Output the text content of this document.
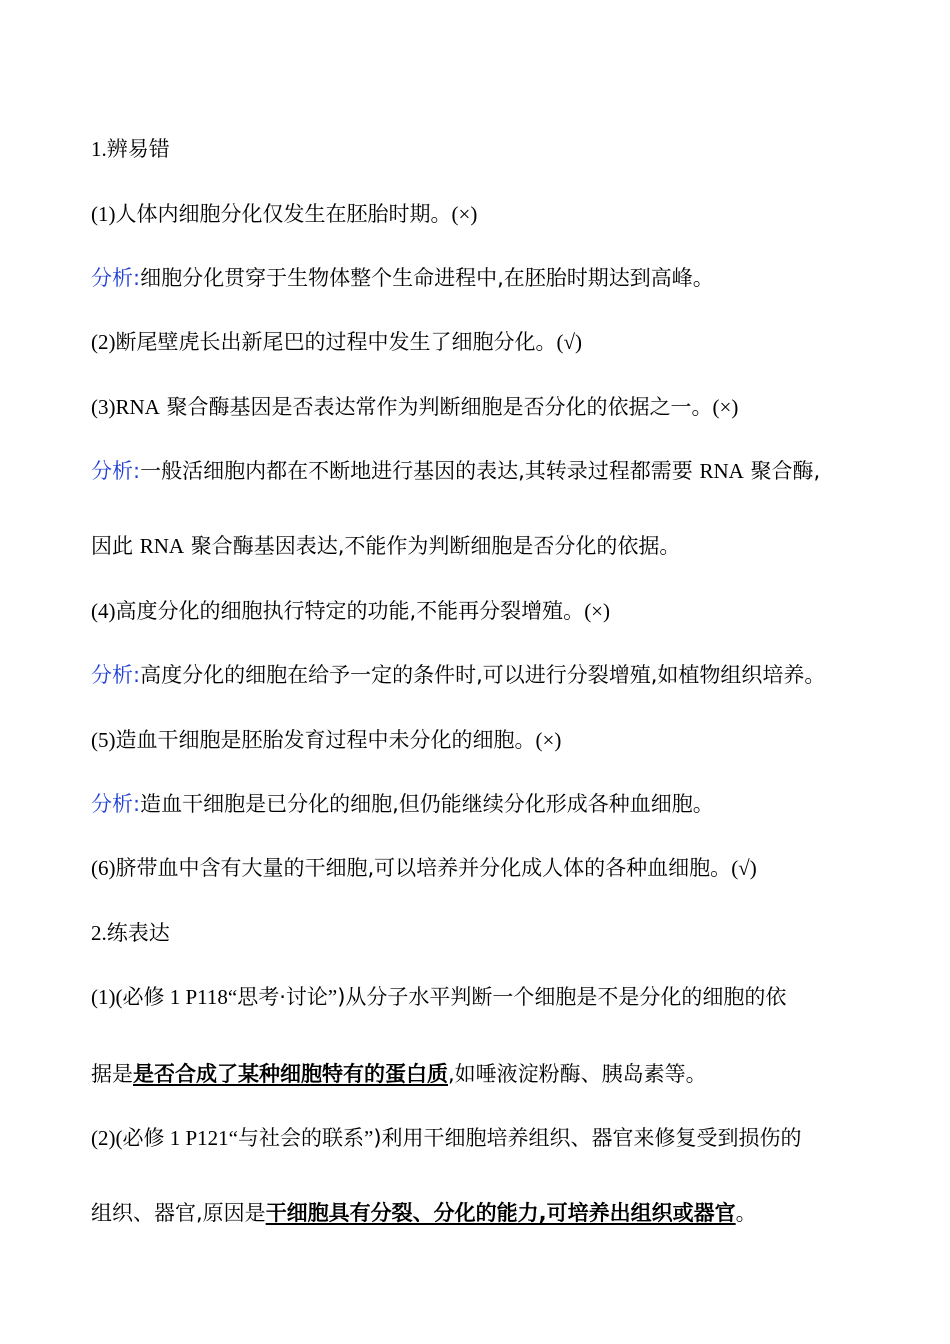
1.辨易错
(1)人体内细胞分化仅发生在胚胎时期。(×)
分析:细胞分化贯穿于生物体整个生命进程中,在胚胎时期达到高峰。
(2)断尾壁虎长出新尾巴的过程中发生了细胞分化。(√)
(3)RNA 聚合酶基因是否表达常作为判断细胞是否分化的依据之一。(×)
分析:一般活细胞内都在不断地进行基因的表达,其转录过程都需要 RNA 聚合酶,
因此 RNA 聚合酶基因表达,不能作为判断细胞是否分化的依据。
(4)高度分化的细胞执行特定的功能,不能再分裂增殖。(×)
分析:高度分化的细胞在给予一定的条件时,可以进行分裂增殖,如植物组织培养。
(5)造血干细胞是胚胎发育过程中未分化的细胞。(×)
分析:造血干细胞是已分化的细胞,但仍能继续分化形成各种血细胞。
(6)脐带血中含有大量的干细胞,可以培养并分化成人体的各种血细胞。(√)
2.练表达
(1)(必修 1 P118“思考·讨论”)从分子水平判断一个细胞是不是分化的细胞的依
据是是否合成了某种细胞特有的蛋白质,如唾液淀粉酶、胰岛素等。
(2)(必修 1 P121“与社会的联系”)利用干细胞培养组织、器官来修复受到损伤的
组织、器官,原因是干细胞具有分裂、分化的能力,可培养出组织或器官。
